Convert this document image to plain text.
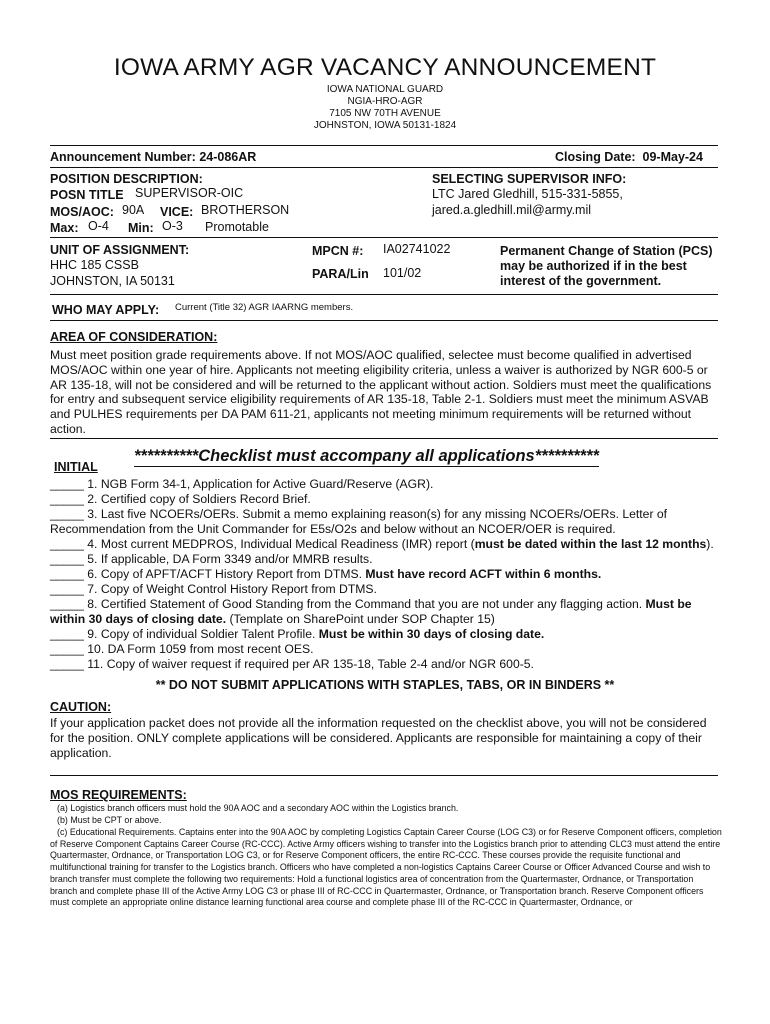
IOWA ARMY AGR VACANCY ANNOUNCEMENT
IOWA NATIONAL GUARD
NGIA-HRO-AGR
7105 NW 70TH AVENUE
JOHNSTON, IOWA 50131-1824
Announcement Number: 24-086AR	Closing Date: 09-May-24
POSITION DESCRIPTION:
POSN TITLE SUPERVISOR-OIC
MOS/AOC: 90A VICE: BROTHERSON
Max: O-4 Min: O-3 Promotable
SELECTING SUPERVISOR INFO:
LTC Jared Gledhill, 515-331-5855,
jared.a.gledhill.mil@army.mil
UNIT OF ASSIGNMENT:
HHC 185 CSSB
JOHNSTON, IA 50131
MPCN #: IA02741022
PARA/Lin 101/02
Permanent Change of Station (PCS)
may be authorized if in the best
interest of the government.
WHO MAY APPLY: Current (Title 32) AGR IAARNG members.
AREA OF CONSIDERATION:
Must meet position grade requirements above. If not MOS/AOC qualified, selectee must become qualified in advertised MOS/AOC within one year of hire. Applicants not meeting eligibility criteria, unless a waiver is authorized by NGR 600-5 or AR 135-18, will not be considered and will be returned to the applicant without action. Soldiers must meet the qualifications for entry and subsequent service eligibility requirements of AR 135-18, Table 2-1. Soldiers must meet the minimum ASVAB and PULHES requirements per DA PAM 611-21, applicants not meeting minimum requirements will be returned without action.
INITIAL
**********Checklist must accompany all applications**********
_____ 1. NGB Form 34-1, Application for Active Guard/Reserve (AGR).
_____ 2. Certified copy of Soldiers Record Brief.
_____ 3. Last five NCOERs/OERs. Submit a memo explaining reason(s) for any missing NCOERs/OERs. Letter of
Recommendation from the Unit Commander for E5s/O2s and below without an NCOER/OER is required.
_____ 4. Most current MEDPROS, Individual Medical Readiness (IMR) report (must be dated within the last 12 months).
_____ 5. If applicable, DA Form 3349 and/or MMRB results.
_____ 6. Copy of APFT/ACFT History Report from DTMS. Must have record ACFT within 6 months.
_____ 7. Copy of Weight Control History Report from DTMS.
_____ 8. Certified Statement of Good Standing from the Command that you are not under any flagging action. Must be
within 30 days of closing date. (Template on SharePoint under SOP Chapter 15)
_____ 9. Copy of individual Soldier Talent Profile. Must be within 30 days of closing date.
_____ 10. DA Form 1059 from most recent OES.
_____ 11. Copy of waiver request if required per AR 135-18, Table 2-4 and/or NGR 600-5.
** DO NOT SUBMIT APPLICATIONS WITH STAPLES, TABS, OR IN BINDERS **
CAUTION:
If your application packet does not provide all the information requested on the checklist above, you will not be considered for the position. ONLY complete applications will be considered. Applicants are responsible for maintaining a copy of their application.
MOS REQUIREMENTS:
(a) Logistics branch officers must hold the 90A AOC and a secondary AOC within the Logistics branch.
(b) Must be CPT or above.
(c) Educational Requirements. Captains enter into the 90A AOC by completing Logistics Captain Career Course (LOG C3) or for Reserve Component officers, completion of Reserve Component Captains Career Course (RC-CCC). Active Army officers wishing to transfer into the Logistics branch prior to attending CLC3 must attend the entire Quartermaster, Ordnance, or Transportation LOG C3, or for Reserve Component officers, the entire RC-CCC. These courses provide the requisite functional and multifunctional training for transfer to the Logistics branch. Officers who have completed a non-logistics Captains Career Course or Officer Advanced Course and wish to branch transfer must complete the following two requirements: Hold a functional logistics area of concentration from the Quartermaster, Ordnance, or Transportation branch and complete phase III of the Active Army LOG C3 or phase III of RC-CCC in Quartermaster, Ordnance, or Transportation branch. Reserve Component officers must complete an appropriate online distance learning functional area course and complete phase III of the RC-CCC in Quartermaster, Ordnance, or
